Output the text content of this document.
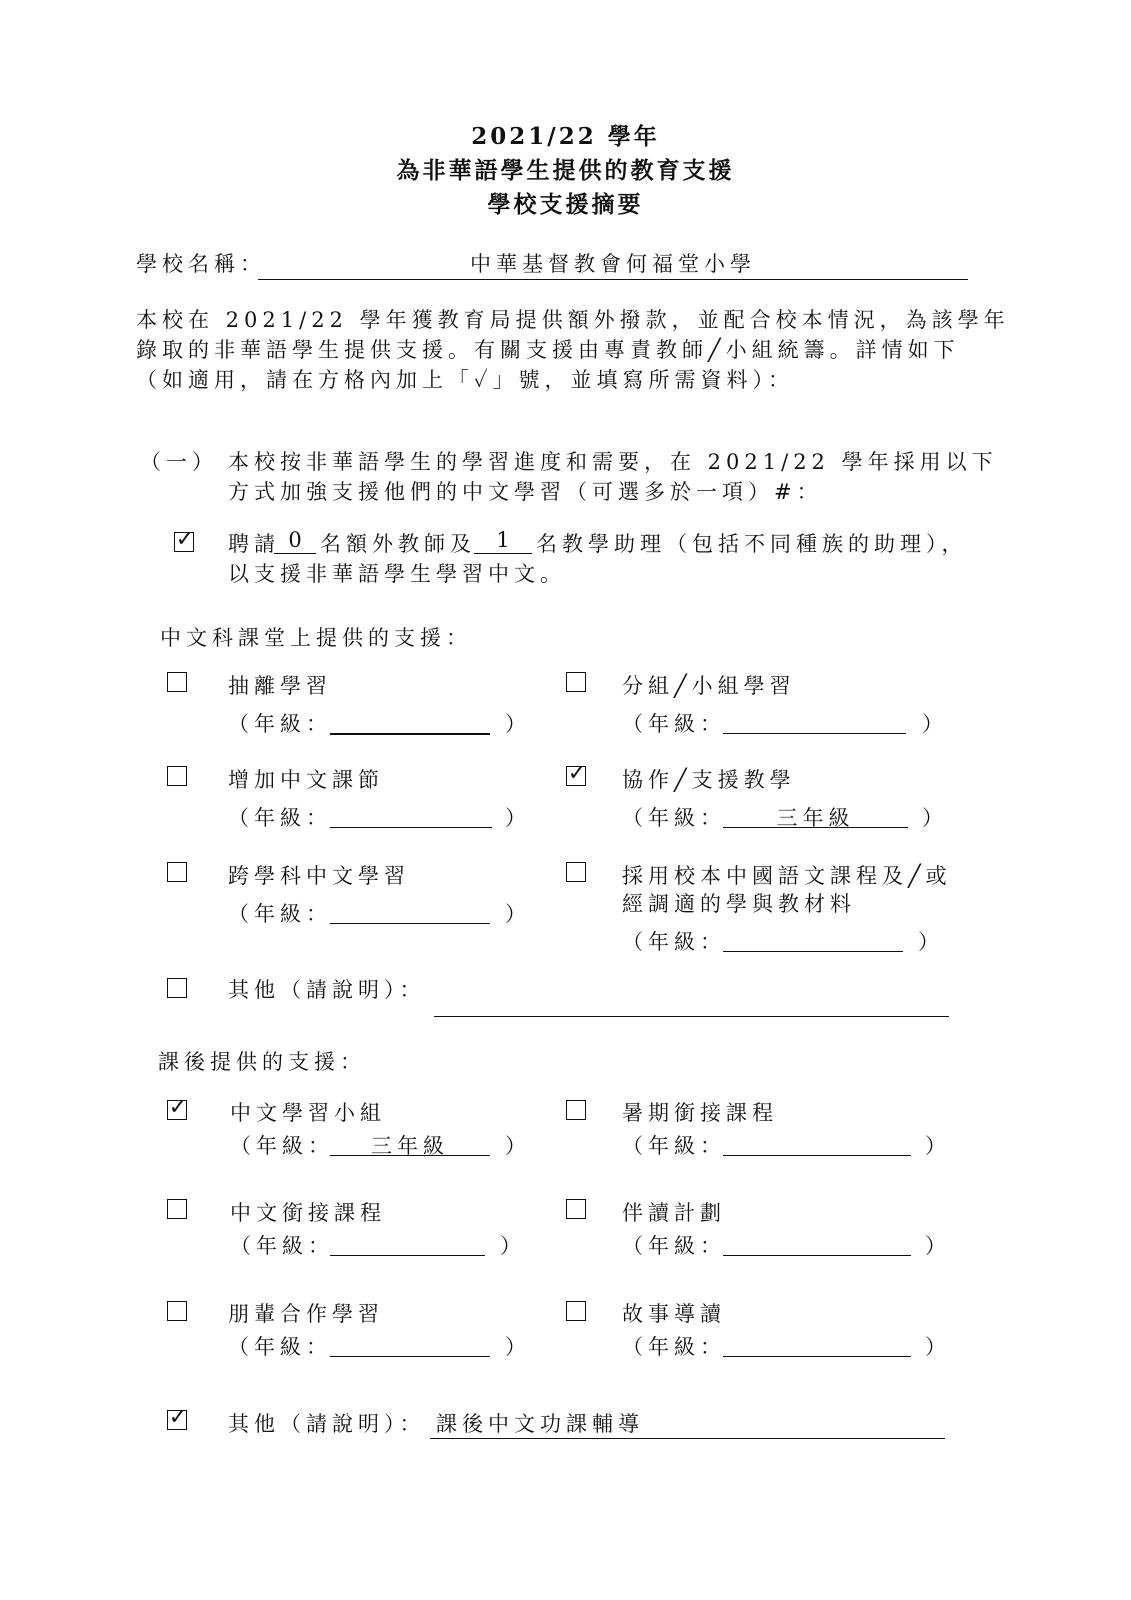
2021/22 學年
為非華語學生提供的教育支援
學校支援摘要
學校名稱：	中華基督教會何福堂小學
本校在 2021/22 學年獲教育局提供額外撥款，並配合校本情況，為該學年
錄取的非華語學生提供支援。有關支援由專責教師╱小組統籌。詳情如下
（如適用，請在方格內加上「✓」號，並填寫所需資料）：
（一） 本校按非華語學生的學習進度和需要，在 2021/22 學年採用以下
方式加強支援他們的中文學習（可選多於一項）#：
✓ 聘請 0 名額外教師及 1	名教學助理（包括不同種族的助理），
以支援非華語學生學習中文。
中文科課堂上提供的支援：
抽離學習
（年級：	）
分組╱小組學習
（年級：	）
增加中文課節
（年級：	）
✓ 協作╱支援教學
（年級：	三年級	）
跨學科中文學習
（年級：	）
採用校本中國語文課程及╱或
經調適的學與教材料
（年級：	）
其他（請說明）：
課後提供的支援：
✓ 中文學習小組
（年級：	三年級	）
暑期銜接課程
（年級：	）
中文銜接課程
（年級：	）
伴讀計劃
（年級：	）
朋輩合作學習
（年級：	）
故事導讀
（年級：	）
✓ 其他（請說明）： 課後中文功課輔導
